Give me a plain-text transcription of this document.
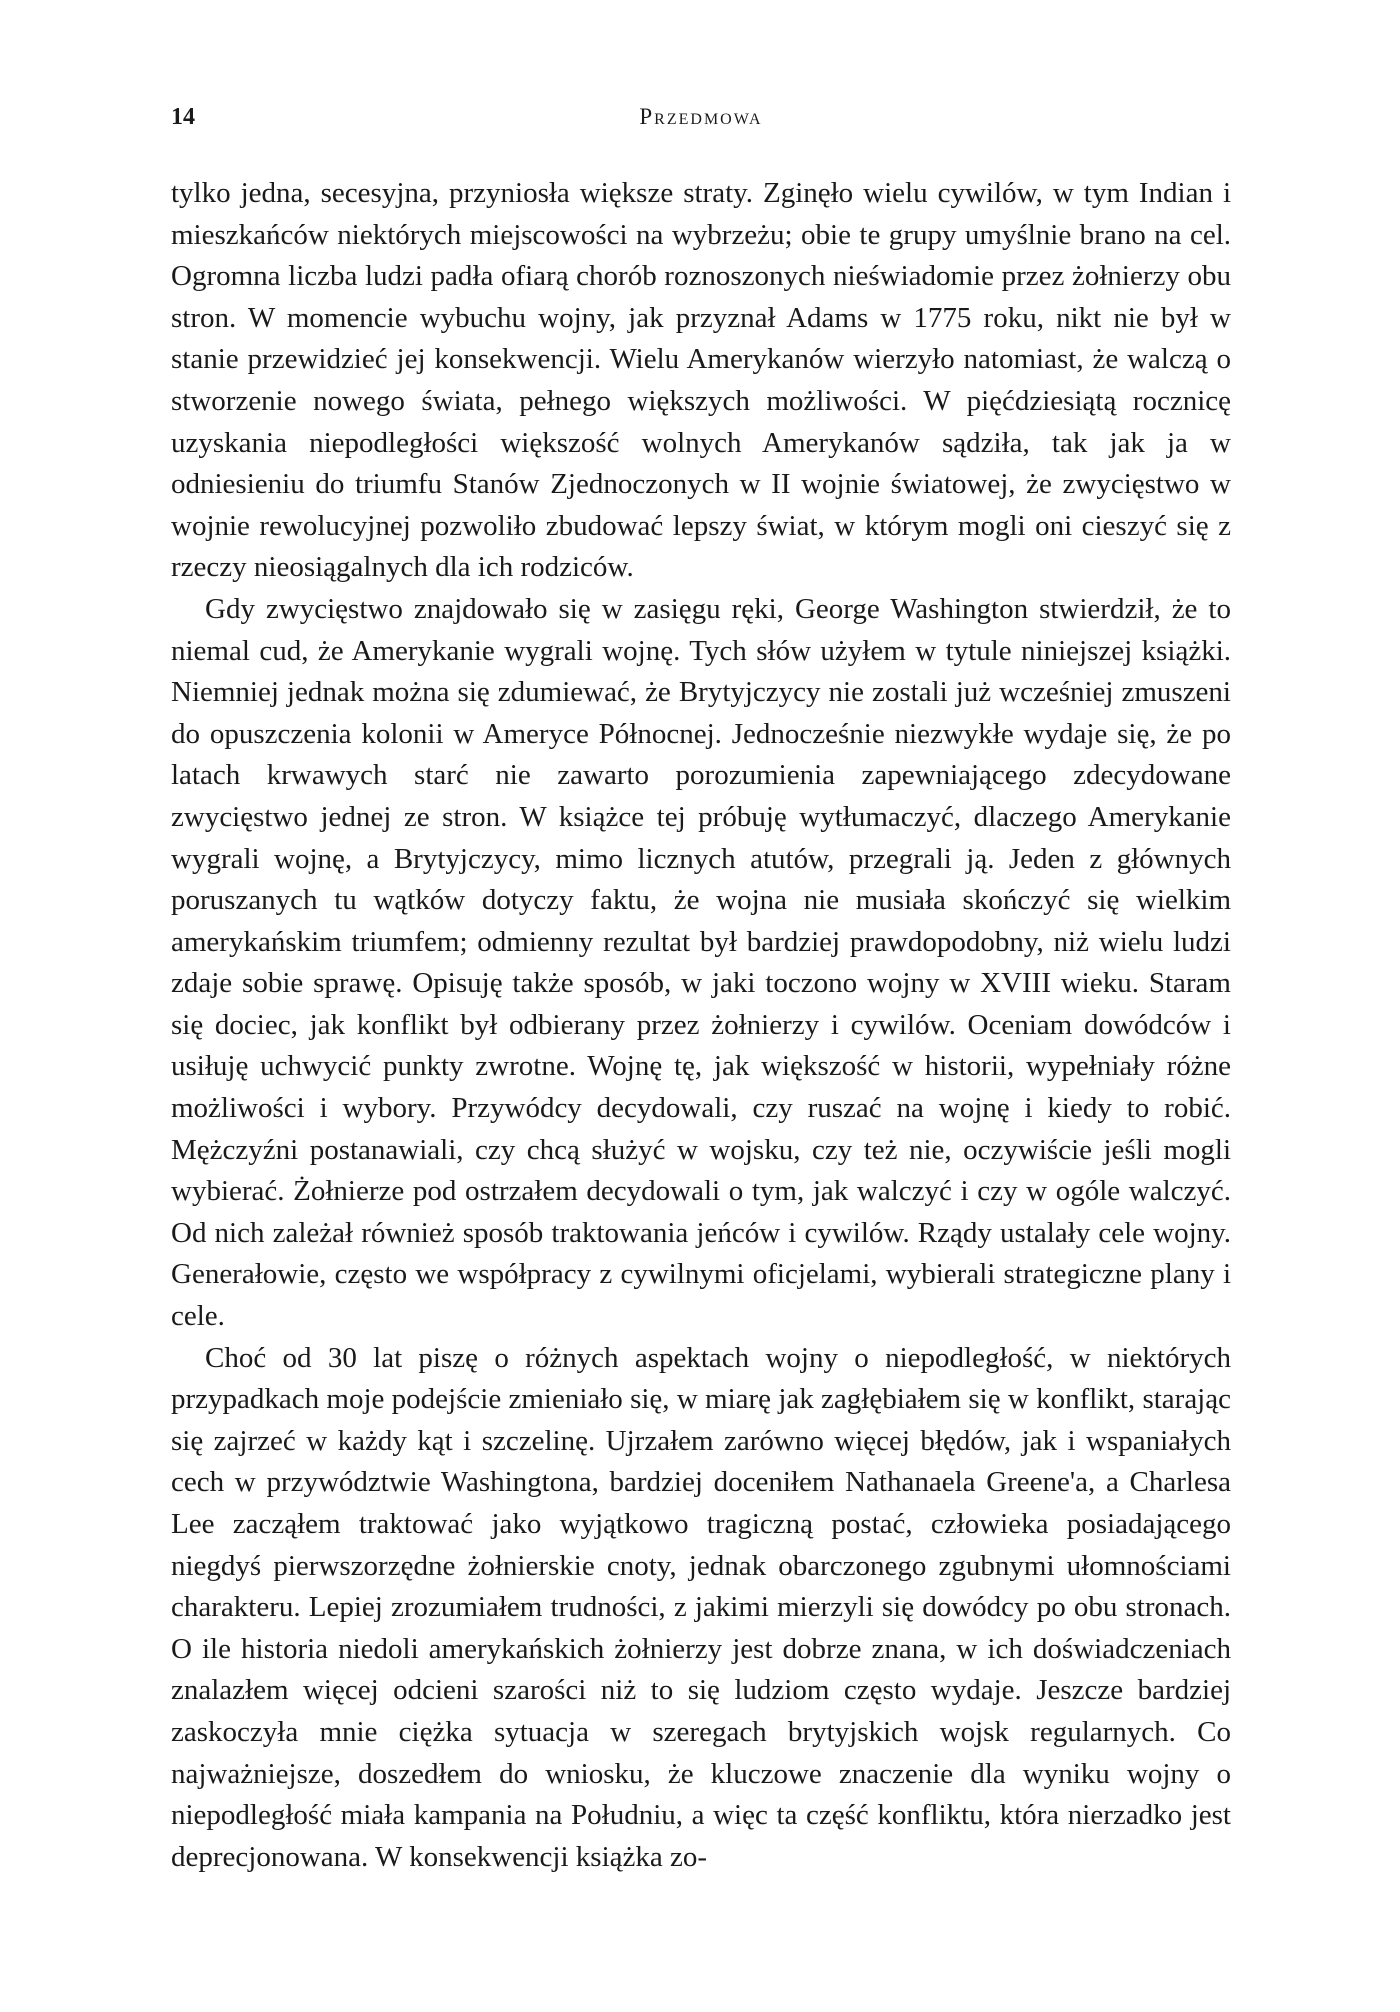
14	Przedmowa

tylko jedna, secesyjna, przyniosła większe straty. Zginęło wielu cywilów, w tym Indian i mieszkańców niektórych miejscowości na wybrzeżu; obie te grupy umyślnie brano na cel. Ogromna liczba ludzi padła ofiarą chorób roznoszonych nieświadomie przez żołnierzy obu stron. W momencie wybuchu wojny, jak przyznał Adams w 1775 roku, nikt nie był w stanie przewidzieć jej konsekwencji. Wielu Amerykanów wierzyło natomiast, że walczą o stworzenie nowego świata, pełnego większych możliwości. W pięćdziesiątą rocznicę uzyskania niepodległości większość wolnych Amerykanów sądziła, tak jak ja w odniesieniu do triumfu Stanów Zjednoczonych w II wojnie światowej, że zwycięstwo w wojnie rewolucyjnej pozwoliło zbudować lepszy świat, w którym mogli oni cieszyć się z rzeczy nieosiągalnych dla ich rodziców.

Gdy zwycięstwo znajdowało się w zasięgu ręki, George Washington stwierdził, że to niemal cud, że Amerykanie wygrali wojnę. Tych słów użyłem w tytule niniejszej książki. Niemniej jednak można się zdumiewać, że Brytyjczycy nie zostali już wcześniej zmuszeni do opuszczenia kolonii w Ameryce Północnej. Jednocześnie niezwykłe wydaje się, że po latach krwawych starć nie zawarto porozumienia zapewniającego zdecydowane zwycięstwo jednej ze stron. W książce tej próbuję wytłumaczyć, dlaczego Amerykanie wygrali wojnę, a Brytyjczycy, mimo licznych atutów, przegrali ją. Jeden z głównych poruszanych tu wątków dotyczy faktu, że wojna nie musiała skończyć się wielkim amerykańskim triumfem; odmienny rezultat był bardziej prawdopodobny, niż wielu ludzi zdaje sobie sprawę. Opisuję także sposób, w jaki toczono wojny w XVIII wieku. Staram się dociec, jak konflikt był odbierany przez żołnierzy i cywilów. Oceniam dowódców i usiłuję uchwycić punkty zwrotne. Wojnę tę, jak większość w historii, wypełniały różne możliwości i wybory. Przywódcy decydowali, czy ruszać na wojnę i kiedy to robić. Mężczyźni postanawiali, czy chcą służyć w wojsku, czy też nie, oczywiście jeśli mogli wybierać. Żołnierze pod ostrzałem decydowali o tym, jak walczyć i czy w ogóle walczyć. Od nich zależał również sposób traktowania jeńców i cywilów. Rządy ustalały cele wojny. Generałowie, często we współpracy z cywilnymi oficjelami, wybierali strategiczne plany i cele.

Choć od 30 lat piszę o różnych aspektach wojny o niepodległość, w niektórych przypadkach moje podejście zmieniało się, w miarę jak zagłębiałem się w konflikt, starając się zajrzeć w każdy kąt i szczelinę. Ujrzałem zarówno więcej błędów, jak i wspaniałych cech w przywództwie Washingtona, bardziej doceniłem Nathanaela Greene'a, a Charlesa Lee zacząłem traktować jako wyjątkowo tragiczną postać, człowieka posiadającego niegdyś pierwszorzędne żołnierskie cnoty, jednak obarczonego zgubnymi ułomnościami charakteru. Lepiej zrozumiałem trudności, z jakimi mierzyli się dowódcy po obu stronach. O ile historia niedoli amerykańskich żołnierzy jest dobrze znana, w ich doświadczeniach znalazłem więcej odcieni szarości niż to się ludziom często wydaje. Jeszcze bardziej zaskoczyła mnie ciężka sytuacja w szeregach brytyjskich wojsk regularnych. Co najważniejsze, doszedłem do wniosku, że kluczowe znaczenie dla wyniku wojny o niepodległość miała kampania na Południu, a więc ta część konfliktu, która nierzadko jest deprecjonowana. W konsekwencji książka zo-
